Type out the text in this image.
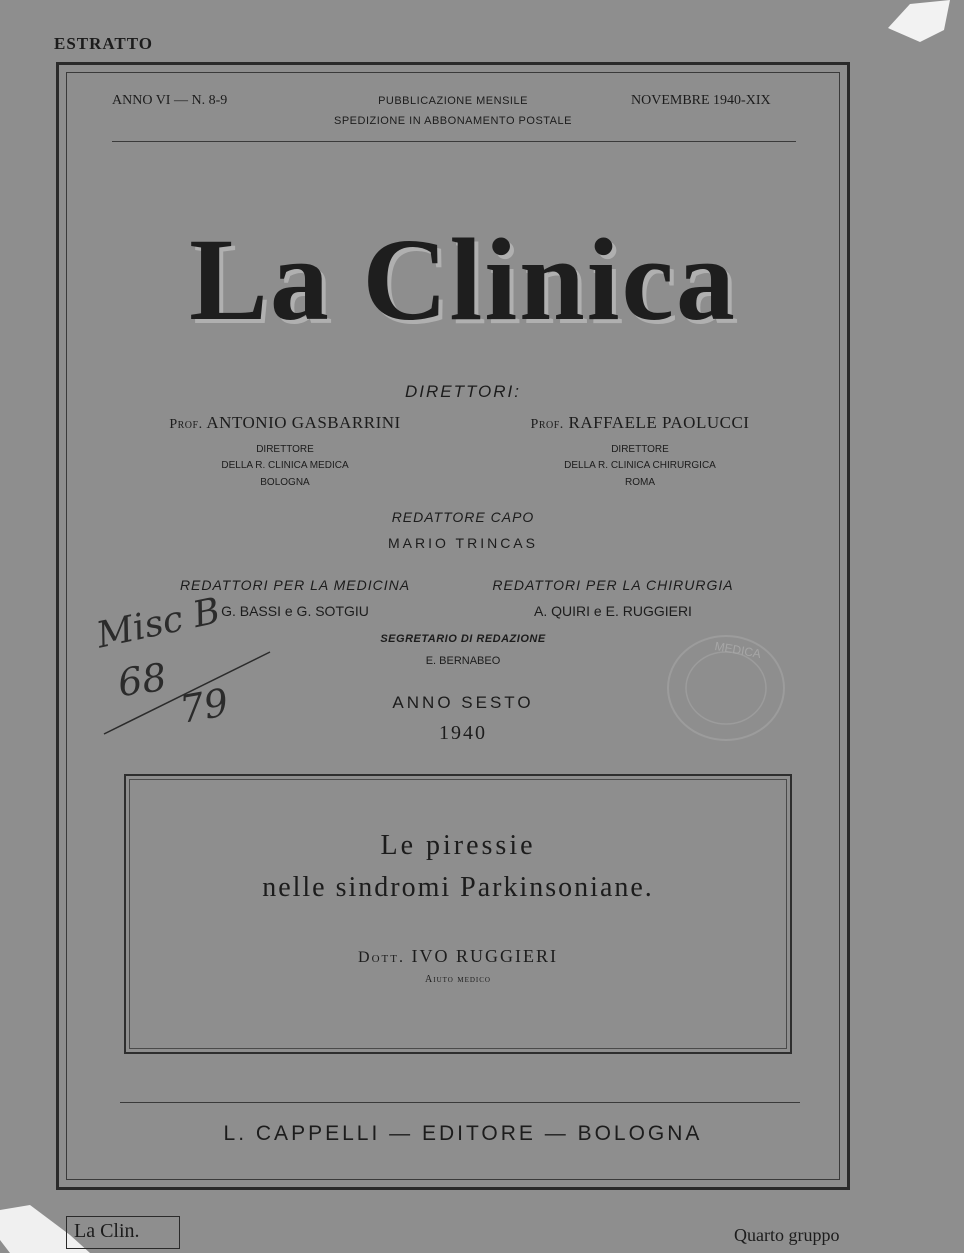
ESTRATTO
ANNO VI — N. 8-9	PUBBLICAZIONE MENSILE
SPEDIZIONE IN ABBONAMENTO POSTALE
NOVEMBRE 1940-XIX
La Clinica
DIRETTORI:
Prof. ANTONIO GASBARRINI
DIRETTORE
DELLA R. CLINICA MEDICA
BOLOGNA
Prof. RAFFAELE PAOLUCCI
DIRETTORE
DELLA R. CLINICA CHIRURGICA
ROMA
REDATTORE CAPO
MARIO TRINCAS
REDATTORI PER LA MEDICINA
G. BASSI e G. SOTGIU
REDATTORI PER LA CHIRURGIA
A. QUIRI e E. RUGGIERI
SEGRETARIO DI REDAZIONE
E. BERNABEO
ANNO SESTO
1940
Misc B
68
79
MEDICA
Le piressie
nelle sindromi Parkinsoniane.
Dott. IVO RUGGIERI
Aiuto medico
L. CAPPELLI — EDITORE — BOLOGNA
La Clin.	Quarto gruppo
